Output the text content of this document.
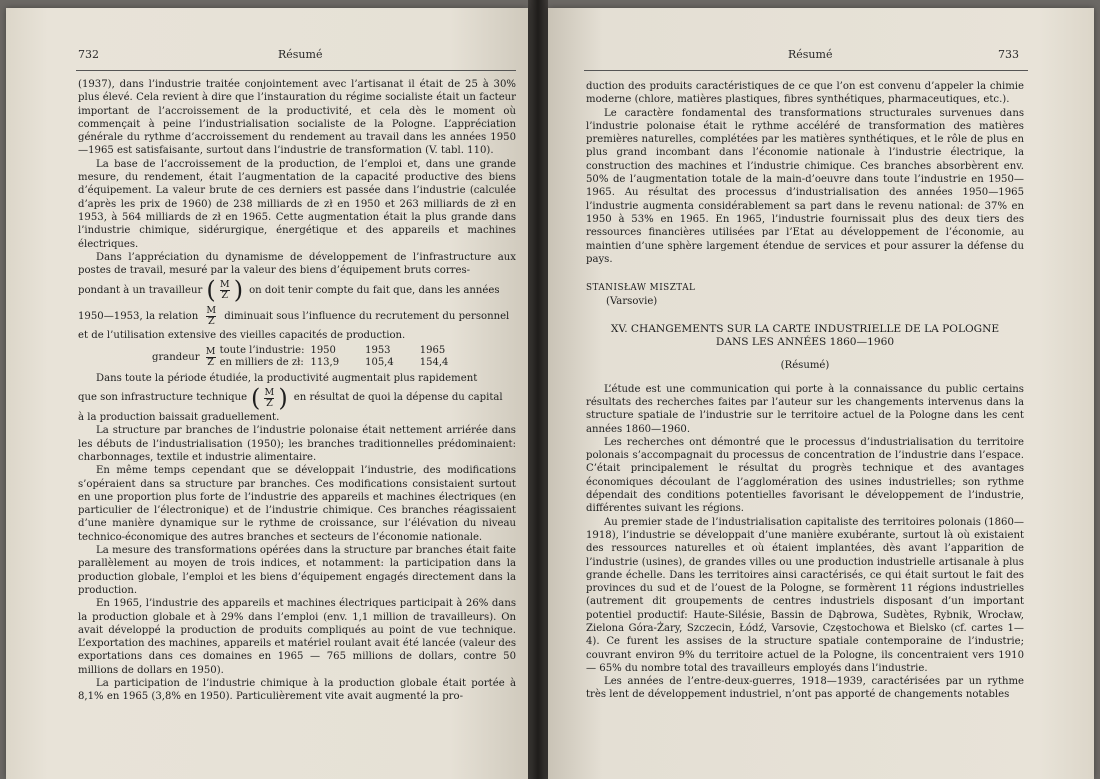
732	Résumé

(1937), dans l’industrie traitée conjointement avec l’artisanat il était de 25 à 30% plus élevé. Cela revient à dire que l’instauration du régime socialiste était un facteur important de l’accroissement de la productivité, et cela dès le moment où commençait à peine l’industrialisation socialiste de la Pologne. L’appréciation générale du rythme d’accroissement du rendement au travail dans les années 1950—1965 est satisfaisante, surtout dans l’industrie de transformation (V. tabl. 110).

La base de l’accroissement de la production, de l’emploi et, dans une grande mesure, du rendement, était l’augmentation de la capacité productive des biens d’équipement. La valeur brute de ces derniers est passée dans l’industrie (calculée d’après les prix de 1960) de 238 milliards de zł en 1950 et 263 milliards de zł en 1953, à 564 milliards de zł en 1965. Cette augmentation était la plus grande dans l’industrie chimique, sidérurgique, énergétique et des appareils et machines électriques.

Dans l’appréciation du dynamisme de développement de l’infrastructure aux postes de travail, mesuré par la valeur des biens d’équipement bruts corres-

pondant à un travailleur ( $\frac{M}{Z}$ ) on doit tenir compte du fait que, dans les années
1950—1953, la relation $\frac{M}{Z}$ diminuait sous l’influence du recrutement du personnel

et de l’utilisation extensive des vieilles capacités de production.

grandeur $\frac{M}{Z}$ toute l’industrie:	1950	1953	1965
en milliers de zł:	113,9	105,4	154,4

Dans toute la période étudiée, la productivité augmentait plus rapidement

que son infrastructure technique ( $\frac{M}{Z}$ ) en résultat de quoi la dépense du capital

à la production baissait graduellement.

La structure par branches de l’industrie polonaise était nettement arriérée dans les débuts de l’industrialisation (1950); les branches traditionnelles prédominaient: charbonnages, textile et industrie alimentaire.

En même temps cependant que se développait l’industrie, des modifications s’opéraient dans sa structure par branches. Ces modifications consistaient surtout en une proportion plus forte de l’industrie des appareils et machines électriques (en particulier de l’électronique) et de l’industrie chimique. Ces branches réagissaient d’une manière dynamique sur le rythme de croissance, sur l’élévation du niveau technico-économique des autres branches et secteurs de l’économie nationale.

La mesure des transformations opérées dans la structure par branches était faite parallèlement au moyen de trois indices, et notamment: la participation dans la production globale, l’emploi et les biens d’équipement engagés directement dans la production.

En 1965, l’industrie des appareils et machines électriques participait à 26% dans la production globale et à 29% dans l’emploi (env. 1,1 million de travailleurs). On avait développé la production de produits compliqués au point de vue technique. L’exportation des machines, appareils et matériel roulant avait été lancée (valeur des exportations dans ces domaines en 1965 — 765 millions de dollars, contre 50 millions de dollars en 1950).

La participation de l’industrie chimique à la production globale était portée à 8,1% en 1965 (3,8% en 1950). Particulièrement vite avait augmenté la pro-

Résumé	733

duction des produits caractéristiques de ce que l’on est convenu d’appeler la chimie moderne (chlore, matières plastiques, fibres synthétiques, pharmaceutiques, etc.).

Le caractère fondamental des transformations structurales survenues dans l’industrie polonaise était le rythme accéléré de transformation des matières premières naturelles, complétées par les matières synthétiques, et le rôle de plus en plus grand incombant dans l’économie nationale à l’industrie électrique, la construction des machines et l’industrie chimique. Ces branches absorbèrent env. 50% de l’augmentation totale de la main-d’oeuvre dans toute l’industrie en 1950—1965. Au résultat des processus d’industrialisation des années 1950—1965 l’industrie augmenta considérablement sa part dans le revenu national: de 37% en 1950 à 53% en 1965. En 1965, l’industrie fournissait plus des deux tiers des ressources financières utilisées par l’Etat au développement de l’économie, au maintien d’une sphère largement étendue de services et pour assurer la défense du pays.

STANISŁAW MISZTAL
(Varsovie)
XV. CHANGEMENTS SUR LA CARTE INDUSTRIELLE DE LA POLOGNE
DANS LES ANNÉES 1860—1960
(Résumé)

L’étude est une communication qui porte à la connaissance du public certains résultats des recherches faites par l’auteur sur les changements intervenus dans la structure spatiale de l’industrie sur le territoire actuel de la Pologne dans les cent années 1860—1960.

Les recherches ont démontré que le processus d’industrialisation du territoire polonais s’accompagnait du processus de concentration de l’industrie dans l’espace. C’était principalement le résultat du progrès technique et des avantages économiques découlant de l’agglomération des usines industrielles; son rythme dépendait des conditions potentielles favorisant le développement de l’industrie, différentes suivant les régions.

Au premier stade de l’industrialisation capitaliste des territoires polonais (1860—1918), l’industrie se développait d’une manière exubérante, surtout là où existaient des ressources naturelles et où étaient implantées, dès avant l’apparition de l’industrie (usines), de grandes villes ou une production industrielle artisanale à plus grande échelle. Dans les territoires ainsi caractérisés, ce qui était surtout le fait des provinces du sud et de l’ouest de la Pologne, se formèrent 11 régions industrielles (autrement dit groupements de centres industriels disposant d’un important potentiel productif: Haute-Silésie, Bassin de Dąbrowa, Sudètes, Rybnik, Wrocław, Zielona Góra-Żary, Szczecin, Łódź, Varsovie, Częstochowa et Bielsko (cf. cartes 1—4). Ce furent les assises de la structure spatiale contemporaine de l’industrie; couvrant environ 9% du territoire actuel de la Pologne, ils concentraient vers 1910 — 65% du nombre total des travailleurs employés dans l’industrie.

Les années de l’entre-deux-guerres, 1918—1939, caractérisées par un rythme très lent de développement industriel, n’ont pas apporté de changements notables
